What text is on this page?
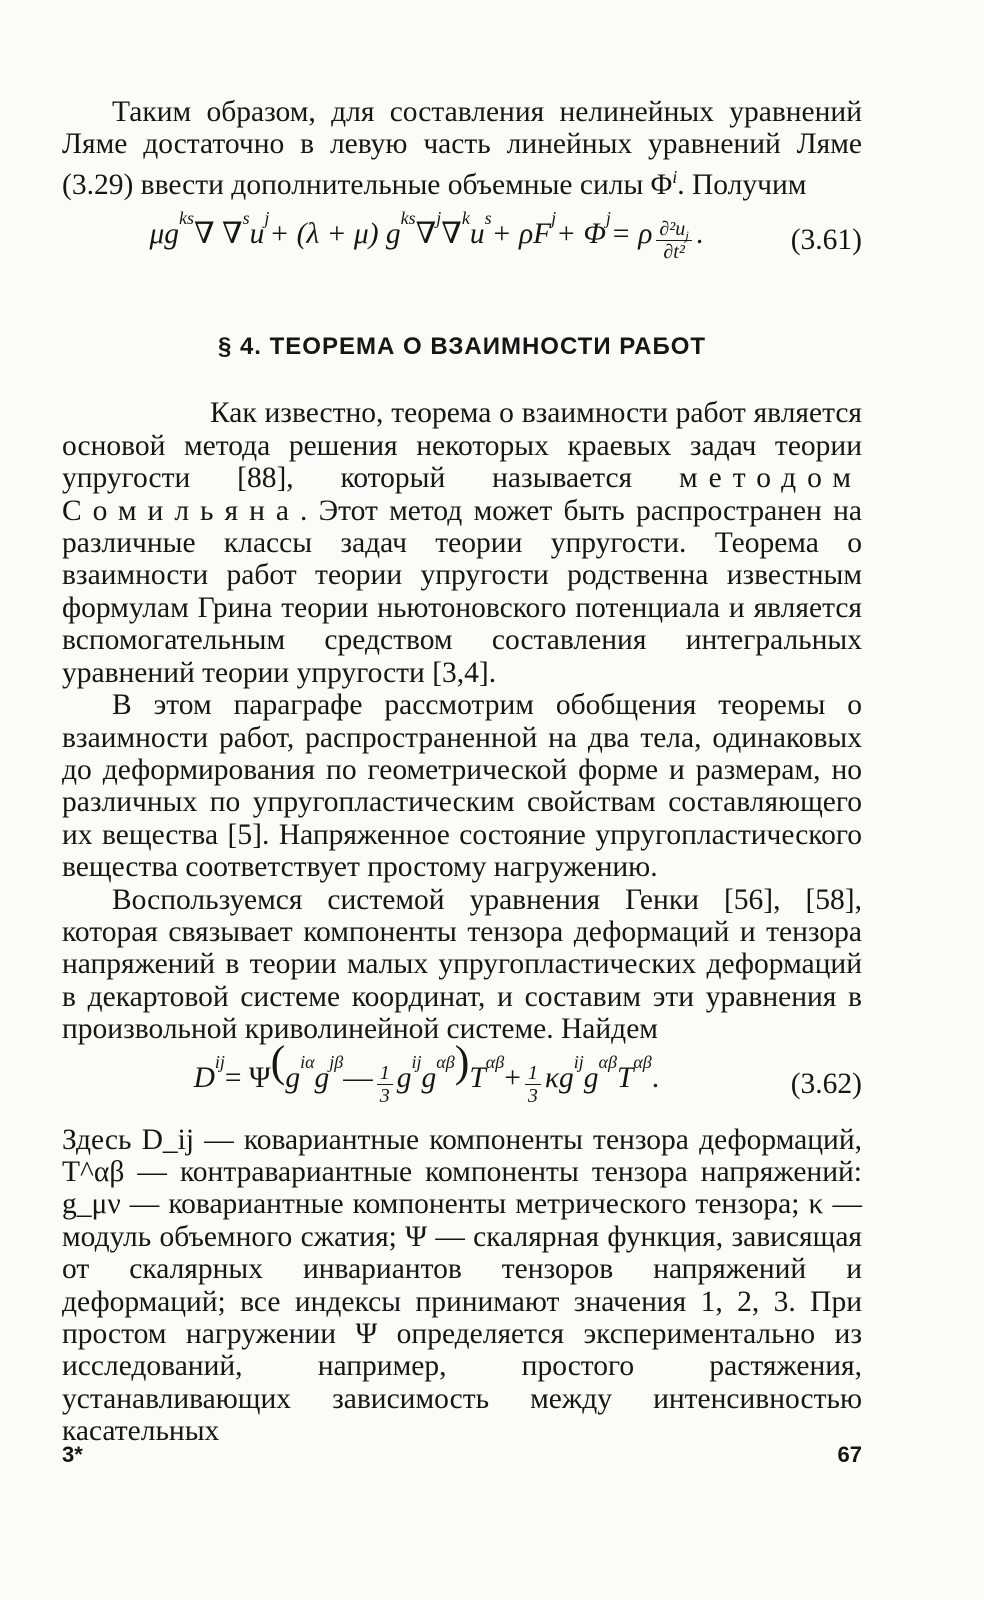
Таким образом, для составления нелинейных уравнений Ляме достаточно в левую часть линейных уравнений Ляме (3.29) ввести дополнительные объемные силы $\Phi^i$. Получим

μg ks ∇ ∇ s u j + (λ + μ) g ks ∇ j ∇ k u s + ρF j + Φ j = ρ $\frac{\partial^2u_j}{\text{∂t²}}$ .	(3.61)
§ 4. ТЕОРЕМА О ВЗАИМНОСТИ РАБОТ

Как известно, теорема о взаимности работ является основой метода решения некоторых краевых задач теории упругости [88], который называется методом Сомильяна. Этот метод может быть распространен на различные классы задач теории упругости. Теорема о взаимности работ теории упругости родственна известным формулам Грина теории ньютоновского потенциала и является вспомогательным средством составления интегральных уравнений теории упругости [3,4].

В этом параграфе рассмотрим обобщения теоремы о взаимности работ, распространенной на два тела, одинаковых до деформирования по геометрической форме и размерам, но различных по упругопластическим свойствам составляющего их вещества [5]. Напряженное состояние упругопластического вещества соответствует простому нагружению.

Воспользуемся системой уравнения Генки [56], [58], которая связывает компоненты тензора деформаций и тензора напряжений в теории малых упругопластических деформаций в декартовой системе координат, и составим эти уравнения в произвольной криволинейной системе. Найдем

D ij = Ψ ( g iα g jβ — $\frac{1}{3}$ g ij g αβ ) T $\alpha\beta + \frac{1}{3}$ κg ij g αβ T αβ .	(3.62)

Здесь D_ij — ковариантные компоненты тензора деформаций, T^αβ — контравариантные компоненты тензора напряжений: g_μν — ковариантные компоненты метрического тензора; κ — модуль объемного сжатия; Ψ — скалярная функция, зависящая от скалярных инвариантов тензоров напряжений и деформаций; все индексы принимают значения 1, 2, 3. При простом нагружении Ψ определяется экспериментально из исследований, например, простого растяжения, устанавливающих зависимость между интенсивностью касательных

3*	67
